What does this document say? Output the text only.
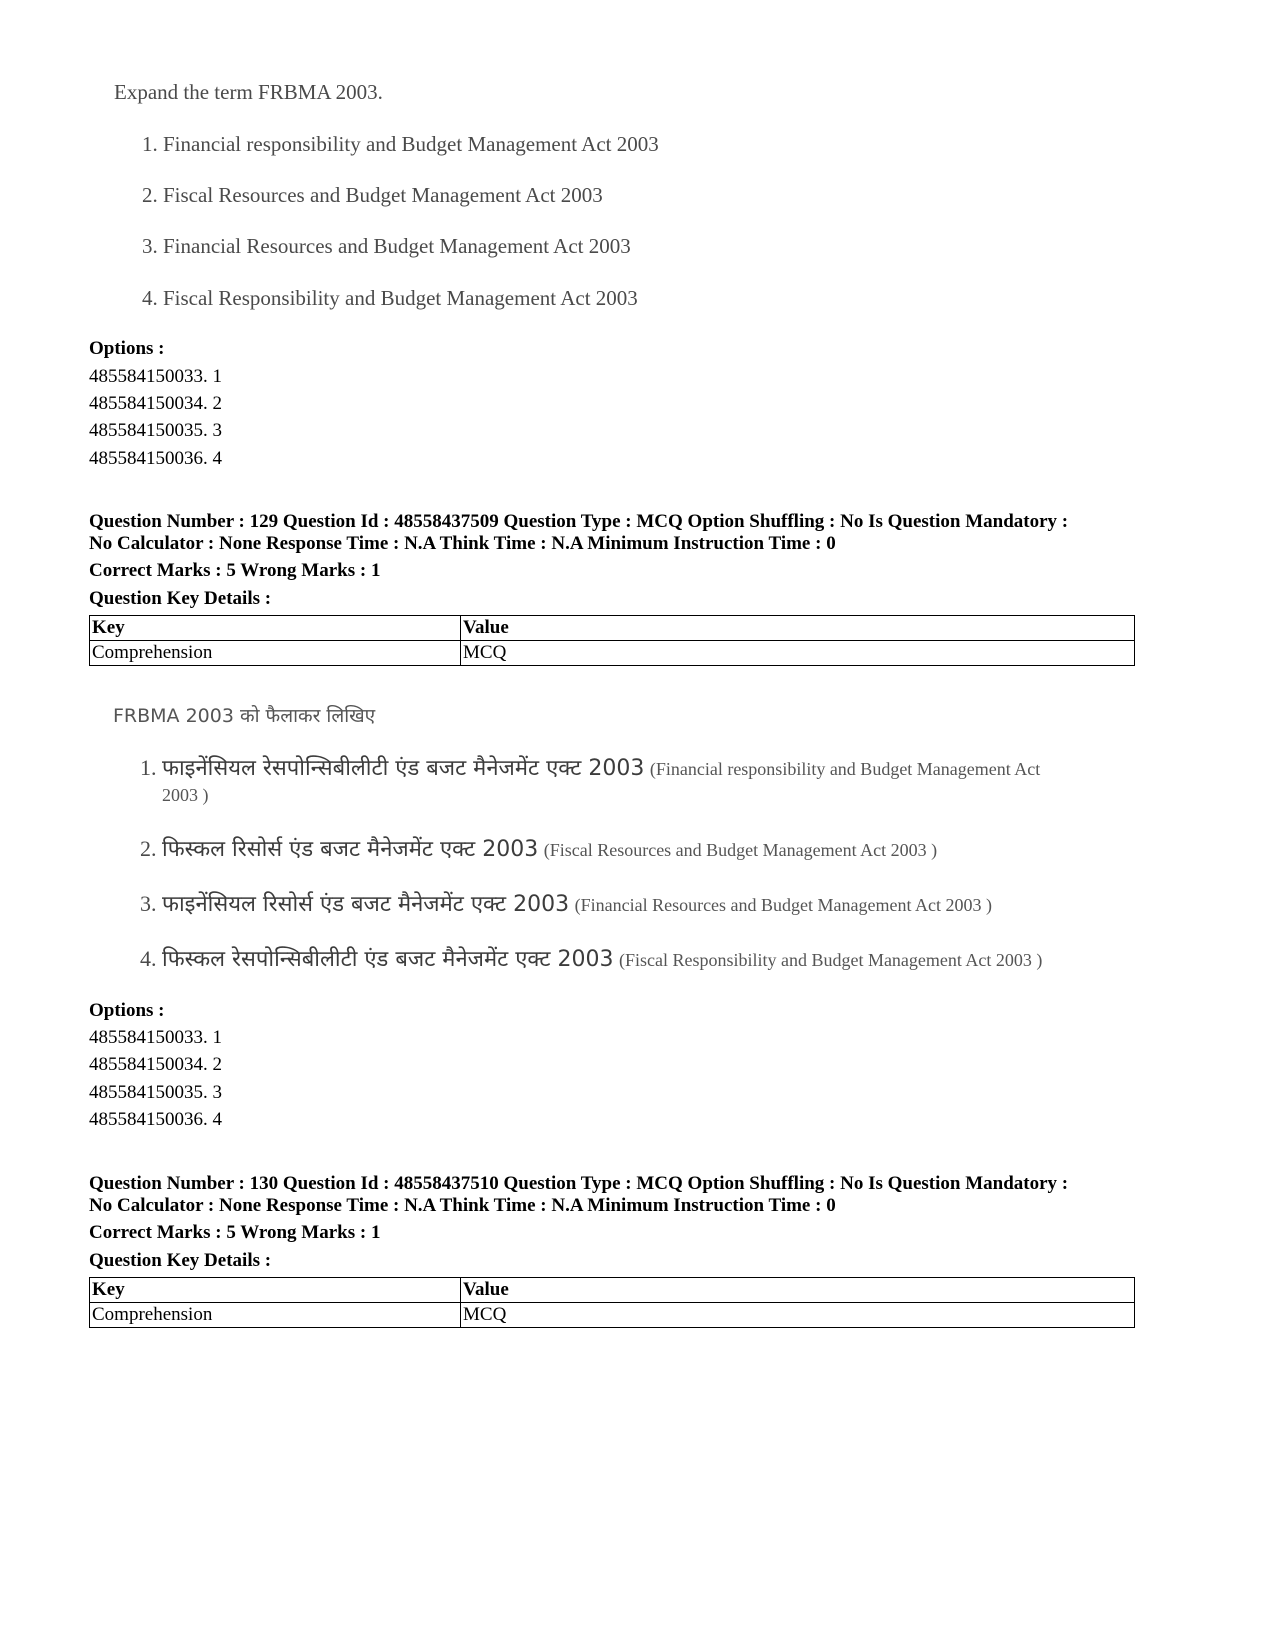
Expand the term FRBMA 2003.
1. Financial responsibility and Budget Management Act 2003
2. Fiscal Resources and Budget Management Act 2003
3. Financial Resources and Budget Management Act 2003
4. Fiscal Responsibility and Budget Management Act 2003
Options :
485584150033. 1
485584150034. 2
485584150035. 3
485584150036. 4
Question Number : 129 Question Id : 48558437509 Question Type : MCQ Option Shuffling : No Is Question Mandatory :
No Calculator : None Response Time : N.A Think Time : N.A Minimum Instruction Time : 0
Correct Marks : 5 Wrong Marks : 1
Question Key Details :
Key	Value
Comprehension	MCQ
FRBMA 2003 को फैलाकर लिखिए
1. फाइनेंसियल रेसपोन्सिबीलीटी एंड बजट मैनेजमेंट एक्ट 2003 (Financial responsibility and Budget Management Act
2003 )
2. फिस्कल रिसोर्स एंड बजट मैनेजमेंट एक्ट 2003 (Fiscal Resources and Budget Management Act 2003 )
3. फाइनेंसियल रिसोर्स एंड बजट मैनेजमेंट एक्ट 2003 (Financial Resources and Budget Management Act 2003 )
4. फिस्कल रेसपोन्सिबीलीटी एंड बजट मैनेजमेंट एक्ट 2003 (Fiscal Responsibility and Budget Management Act 2003 )
Options :
485584150033. 1
485584150034. 2
485584150035. 3
485584150036. 4
Question Number : 130 Question Id : 48558437510 Question Type : MCQ Option Shuffling : No Is Question Mandatory :
No Calculator : None Response Time : N.A Think Time : N.A Minimum Instruction Time : 0
Correct Marks : 5 Wrong Marks : 1
Question Key Details :
Key	Value
Comprehension	MCQ
